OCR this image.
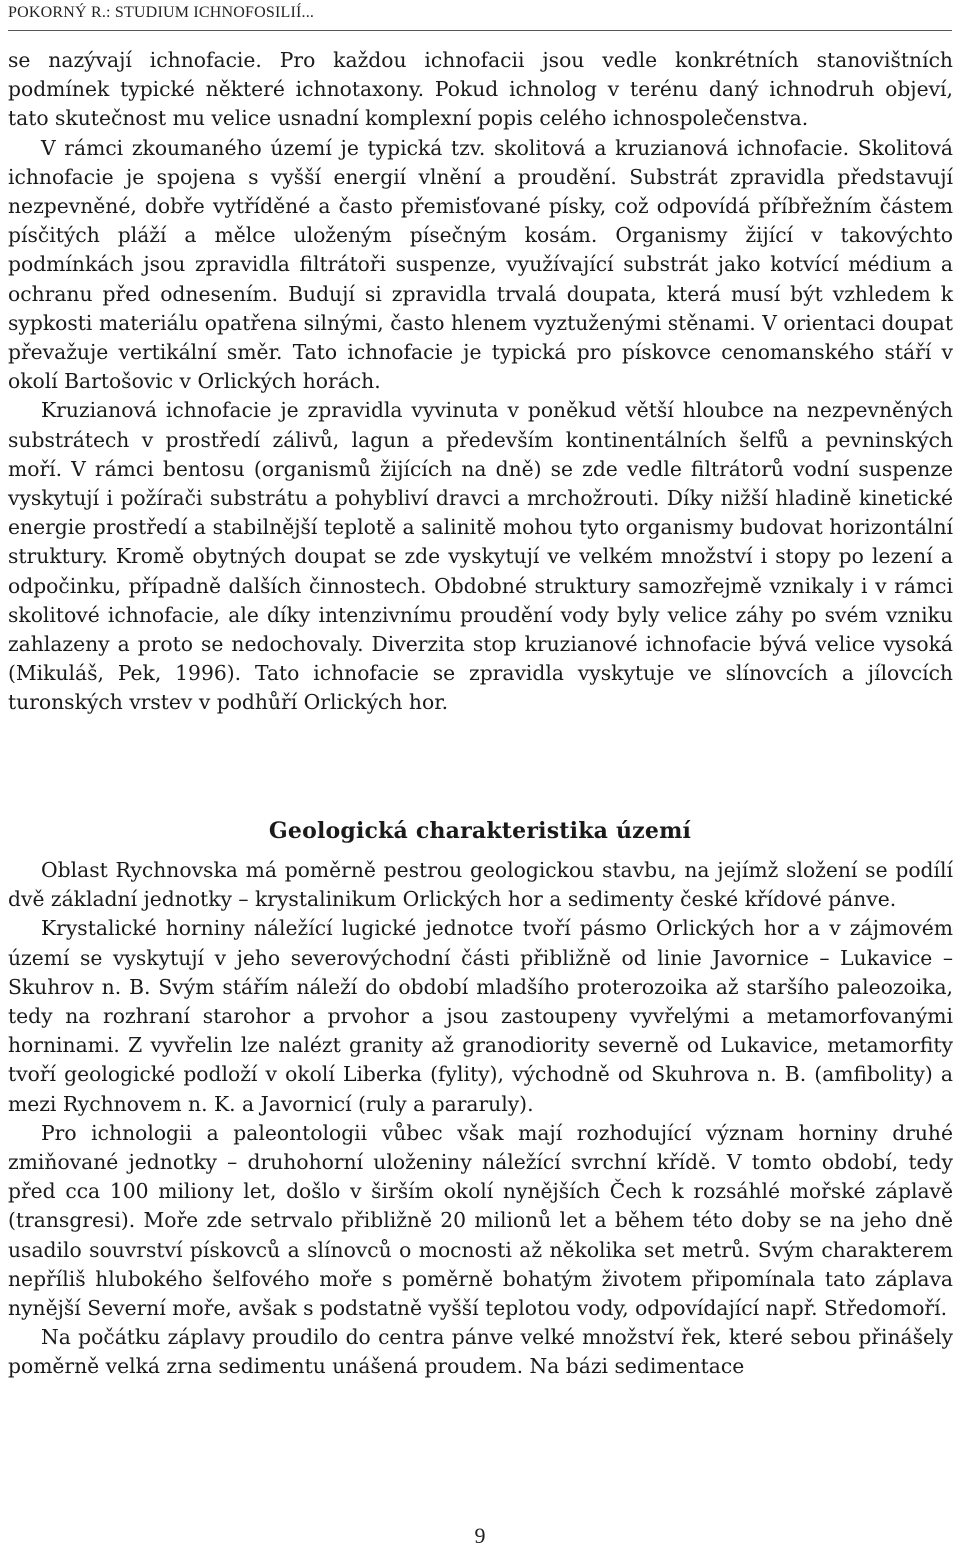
POKORNÝ R.: STUDIUM ICHNOFOSILIÍ...

se nazývají ichnofacie. Pro každou ichnofacii jsou vedle konkrétních stanovištních podmínek typické některé ichnotaxony. Pokud ichnolog v terénu daný ichnodruh objeví, tato skutečnost mu velice usnadní komplexní popis celého ichnospolečenstva.

V rámci zkoumaného území je typická tzv. skolitová a kruzianová ichnofacie. Skolitová ichnofacie je spojena s vyšší energií vlnění a proudění. Substrát zpravidla představují nezpevněné, dobře vytříděné a často přemisťované písky, což odpovídá příbřežním částem písčitých pláží a mělce uloženým písečným kosám. Organismy žijící v takovýchto podmínkách jsou zpravidla filtrátoři suspenze, využívající substrát jako kotvící médium a ochranu před odnesením. Budují si zpravidla trvalá doupata, která musí být vzhledem k sypkosti materiálu opatřena silnými, často hlenem vyztuženými stěnami. V orientaci doupat převažuje vertikální směr. Tato ichnofacie je typická pro pískovce cenomanského stáří v okolí Bartošovic v Orlických horách.

Kruzianová ichnofacie je zpravidla vyvinuta v poněkud větší hloubce na nezpevněných substrátech v prostředí zálivů, lagun a především kontinentálních šelfů a pevninských moří. V rámci bentosu (organismů žijících na dně) se zde vedle filtrátorů vodní suspenze vyskytují i požírači substrátu a pohybliví dravci a mrchožrouti. Díky nižší hladině kinetické energie prostředí a stabilnější teplotě a salinitě mohou tyto organismy budovat horizontální struktury. Kromě obytných doupat se zde vyskytují ve velkém množství i stopy po lezení a odpočinku, případně dalších činnostech. Obdobné struktury samozřejmě vznikaly i v rámci skolitové ichnofacie, ale díky intenzivnímu proudění vody byly velice záhy po svém vzniku zahlazeny a proto se nedochovaly. Diverzita stop kruzianové ichnofacie bývá velice vysoká (Mikuláš, Pek, 1996). Tato ichnofacie se zpravidla vyskytuje ve slínovcích a jílovcích turonských vrstev v podhůří Orlických hor.

Geologická charakteristika území

Oblast Rychnovska má poměrně pestrou geologickou stavbu, na jejímž složení se podílí dvě základní jednotky – krystalinikum Orlických hor a sedimenty české křídové pánve.

Krystalické horniny náležící lugické jednotce tvoří pásmo Orlických hor a v zájmovém území se vyskytují v jeho severovýchodní části přibližně od linie Javornice – Lukavice – Skuhrov n. B. Svým stářím náleží do období mladšího proterozoika až staršího paleozoika, tedy na rozhraní starohor a prvohor a jsou zastoupeny vyvřelými a metamorfovanými horninami. Z vyvřelin lze nalézt granity až granodiority severně od Lukavice, metamorfity tvoří geologické podloží v okolí Liberka (fylity), východně od Skuhrova n. B. (amfibolity) a mezi Rychnovem n. K. a Javornicí (ruly a pararuly).

Pro ichnologii a paleontologii vůbec však mají rozhodující význam horniny druhé zmiňované jednotky – druhohorní uloženiny náležící svrchní křídě. V tomto období, tedy před cca 100 miliony let, došlo v širším okolí nynějších Čech k rozsáhlé mořské záplavě (transgresi). Moře zde setrvalo přibližně 20 milionů let a během této doby se na jeho dně usadilo souvrství pískovců a slínovců o mocnosti až několika set metrů. Svým charakterem nepříliš hlubokého šelfového moře s poměrně bohatým životem připomínala tato záplava nynější Severní moře, avšak s podstatně vyšší teplotou vody, odpovídající např. Středomoří.

Na počátku záplavy proudilo do centra pánve velké množství řek, které sebou přinášely poměrně velká zrna sedimentu unášená proudem. Na bázi sedimentace

9
